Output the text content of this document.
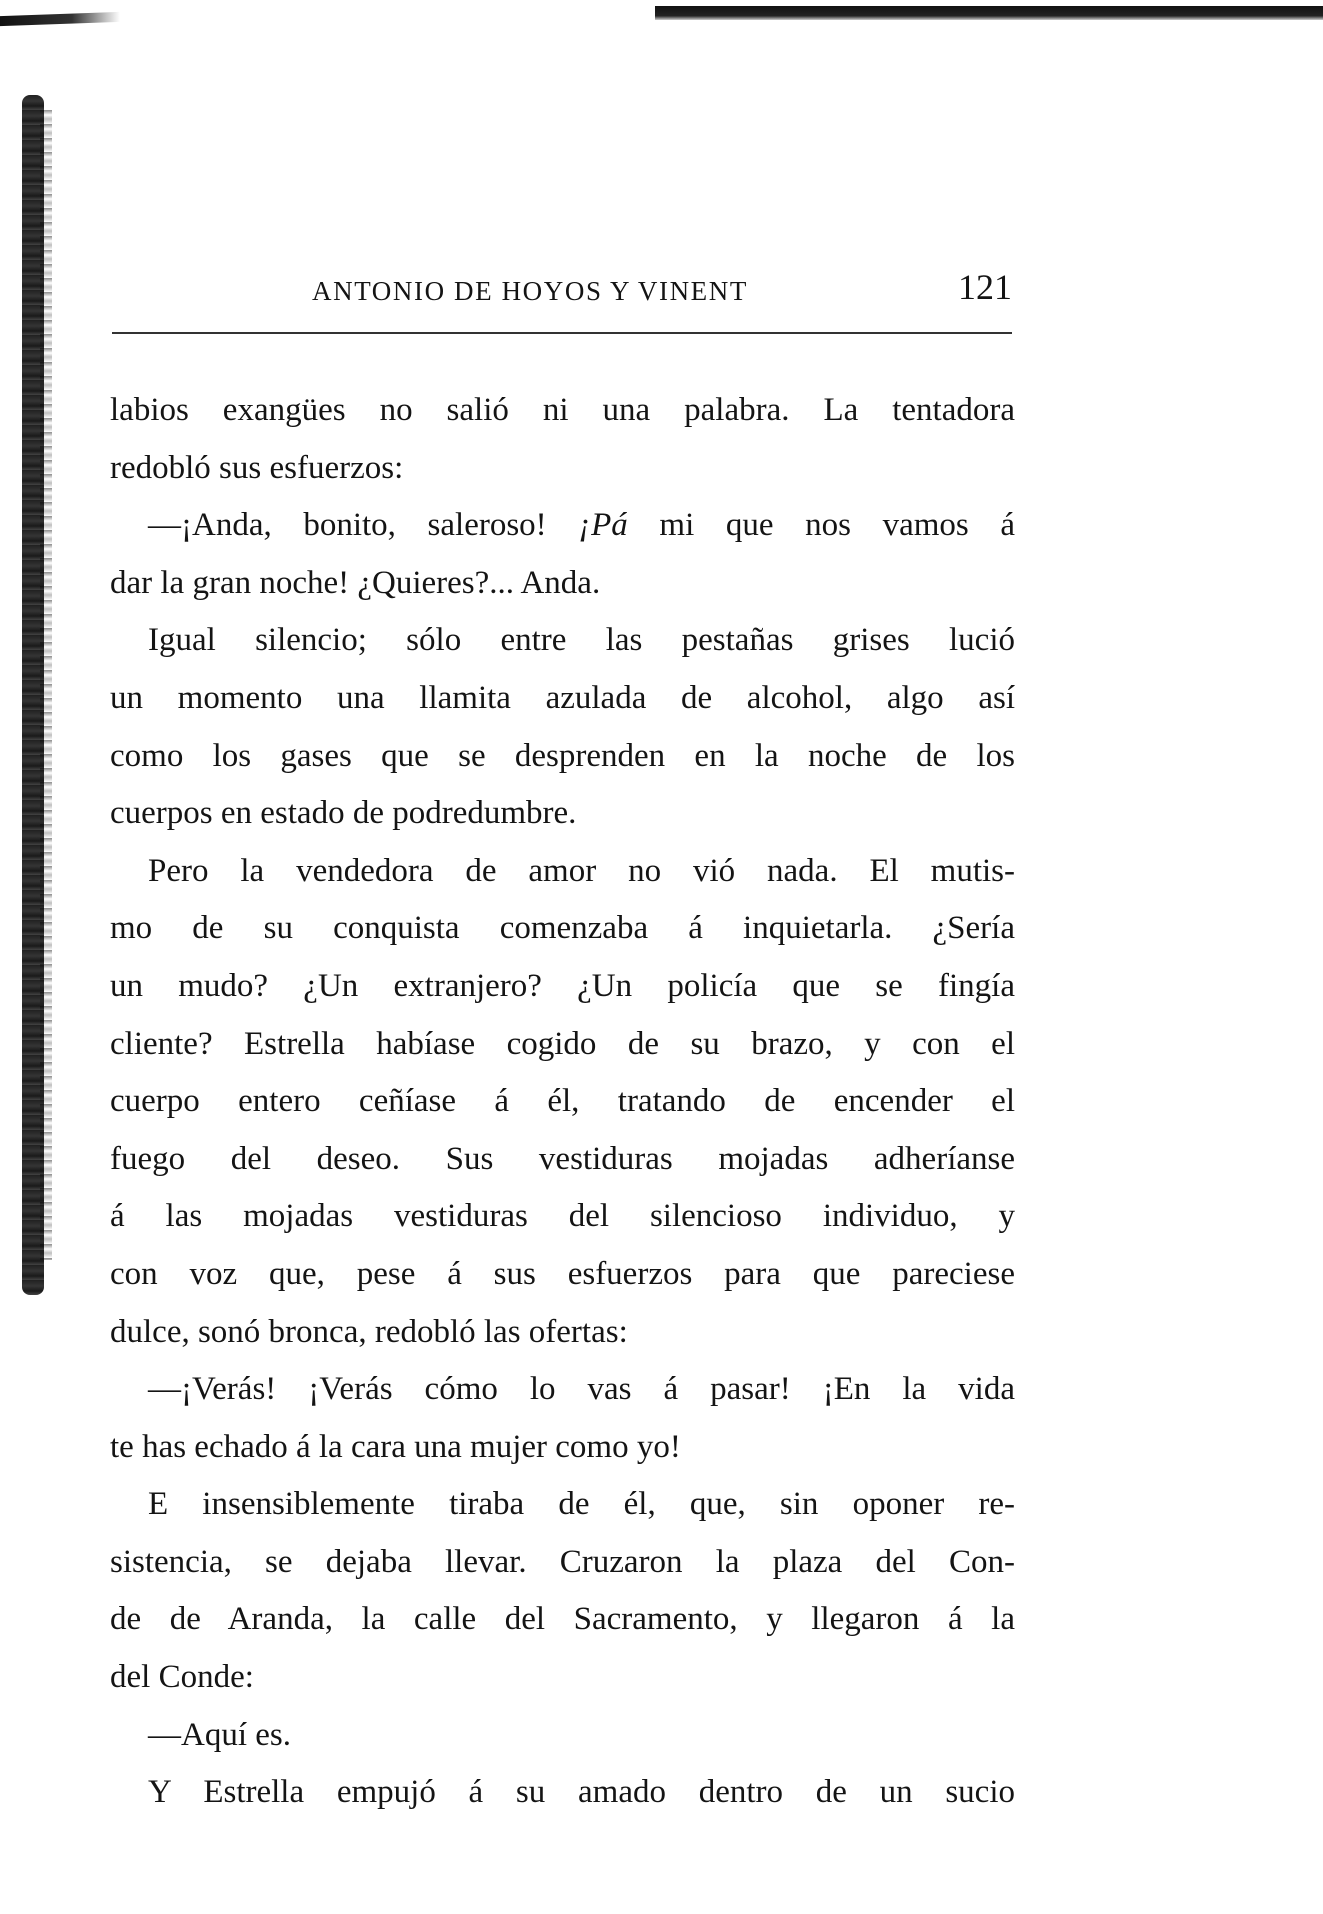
ANTONIO DE HOYOS Y VINENT	121
labios exangües no salió ni una palabra. La tentadora
redobló sus esfuerzos:
—¡Anda, bonito, saleroso! ¡Pá mi que nos vamos á
dar la gran noche! ¿Quieres?... Anda.
Igual silencio; sólo entre las pestañas grises lució
un momento una llamita azulada de alcohol, algo así
como los gases que se desprenden en la noche de los
cuerpos en estado de podredumbre.
Pero la vendedora de amor no vió nada. El mutis-
mo de su conquista comenzaba á inquietarla. ¿Sería
un mudo? ¿Un extranjero? ¿Un policía que se fingía
cliente? Estrella habíase cogido de su brazo, y con el
cuerpo entero ceñíase á él, tratando de encender el
fuego del deseo. Sus vestiduras mojadas adheríanse
á las mojadas vestiduras del silencioso individuo, y
con voz que, pese á sus esfuerzos para que pareciese
dulce, sonó bronca, redobló las ofertas:
—¡Verás! ¡Verás cómo lo vas á pasar! ¡En la vida
te has echado á la cara una mujer como yo!
E insensiblemente tiraba de él, que, sin oponer re-
sistencia, se dejaba llevar. Cruzaron la plaza del Con-
de de Aranda, la calle del Sacramento, y llegaron á la
del Conde:
—Aquí es.
Y Estrella empujó á su amado dentro de un sucio
